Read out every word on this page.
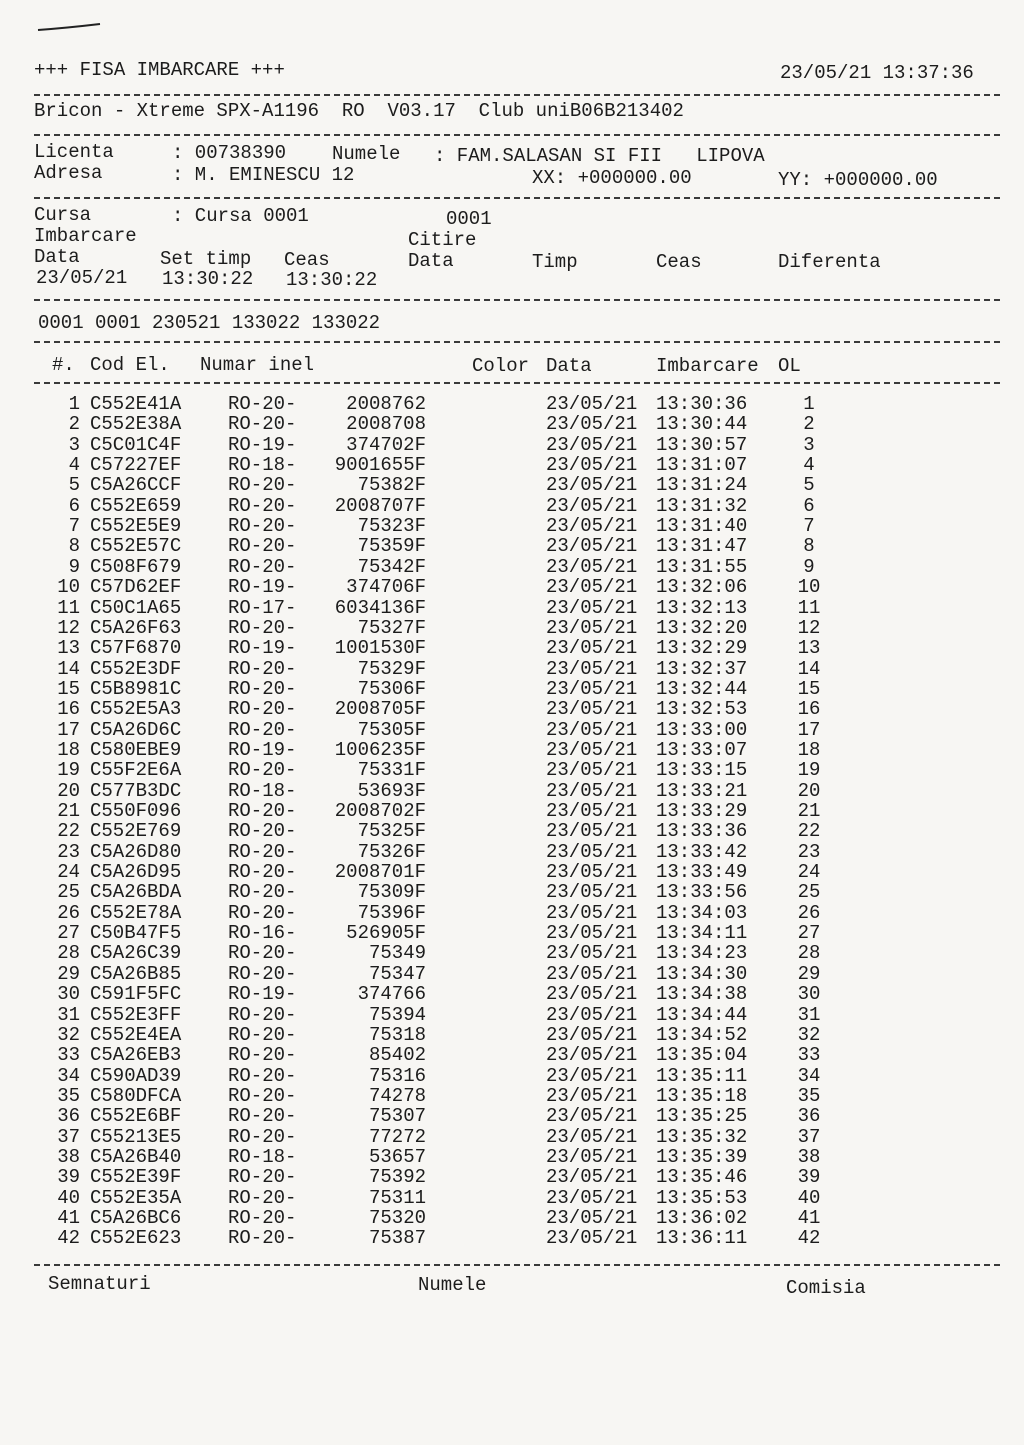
+++ FISA IMBARCARE +++	23/05/21 13:37:36
Bricon - Xtreme SPX-A1196  RO  V03.17  Club uniB06B213402
Licenta	: 00738390 Numele : FAM.SALASAN SI FII   LIPOVA
Adresa	: M. EMINESCU 12	XX: +000000.00	YY: +000000.00
Cursa	: Cursa 0001	0001
Imbarcare	Citire
Data	Set timp Ceas	Data	Timp	Ceas	Diferenta
23/05/21 13:30:22 13:30:22
0001 0001 230521 133022 133022
#. Cod El. Numar inel	Color Data	Imbarcare OL
1 C552E41A RO-20-	2008762	23/05/21 13:30:36	1
2 C552E38A RO-20-	2008708	23/05/21 13:30:44	2
3 C5C01C4F RO-19-	374702F	23/05/21 13:30:57	3
4 C57227EF RO-18-	9001655F	23/05/21 13:31:07	4
5 C5A26CCF RO-20-	75382F	23/05/21 13:31:24	5
6 C552E659 RO-20-	2008707F	23/05/21 13:31:32	6
7 C552E5E9 RO-20-	75323F	23/05/21 13:31:40	7
8 C552E57C RO-20-	75359F	23/05/21 13:31:47	8
9 C508F679 RO-20-	75342F	23/05/21 13:31:55	9
10 C57D62EF RO-19-	374706F	23/05/21 13:32:06	10
11 C50C1A65 RO-17-	6034136F	23/05/21 13:32:13	11
12 C5A26F63 RO-20-	75327F	23/05/21 13:32:20	12
13 C57F6870 RO-19-	1001530F	23/05/21 13:32:29	13
14 C552E3DF RO-20-	75329F	23/05/21 13:32:37	14
15 C5B8981C RO-20-	75306F	23/05/21 13:32:44	15
16 C552E5A3 RO-20-	2008705F	23/05/21 13:32:53	16
17 C5A26D6C RO-20-	75305F	23/05/21 13:33:00	17
18 C580EBE9 RO-19-	1006235F	23/05/21 13:33:07	18
19 C55F2E6A RO-20-	75331F	23/05/21 13:33:15	19
20 C577B3DC RO-18-	53693F	23/05/21 13:33:21	20
21 C550F096 RO-20-	2008702F	23/05/21 13:33:29	21
22 C552E769 RO-20-	75325F	23/05/21 13:33:36	22
23 C5A26D80 RO-20-	75326F	23/05/21 13:33:42	23
24 C5A26D95 RO-20-	2008701F	23/05/21 13:33:49	24
25 C5A26BDA RO-20-	75309F	23/05/21 13:33:56	25
26 C552E78A RO-20-	75396F	23/05/21 13:34:03	26
27 C50B47F5 RO-16-	526905F	23/05/21 13:34:11	27
28 C5A26C39 RO-20-	75349	23/05/21 13:34:23	28
29 C5A26B85 RO-20-	75347	23/05/21 13:34:30	29
30 C591F5FC RO-19-	374766	23/05/21 13:34:38	30
31 C552E3FF RO-20-	75394	23/05/21 13:34:44	31
32 C552E4EA RO-20-	75318	23/05/21 13:34:52	32
33 C5A26EB3 RO-20-	85402	23/05/21 13:35:04	33
34 C590AD39 RO-20-	75316	23/05/21 13:35:11	34
35 C580DFCA RO-20-	74278	23/05/21 13:35:18	35
36 C552E6BF RO-20-	75307	23/05/21 13:35:25	36
37 C55213E5 RO-20-	77272	23/05/21 13:35:32	37
38 C5A26B40 RO-18-	53657	23/05/21 13:35:39	38
39 C552E39F RO-20-	75392	23/05/21 13:35:46	39
40 C552E35A RO-20-	75311	23/05/21 13:35:53	40
41 C5A26BC6 RO-20-	75320	23/05/21 13:36:02	41
42 C552E623 RO-20-	75387	23/05/21 13:36:11	42
Semnaturi	Numele	Comisia
